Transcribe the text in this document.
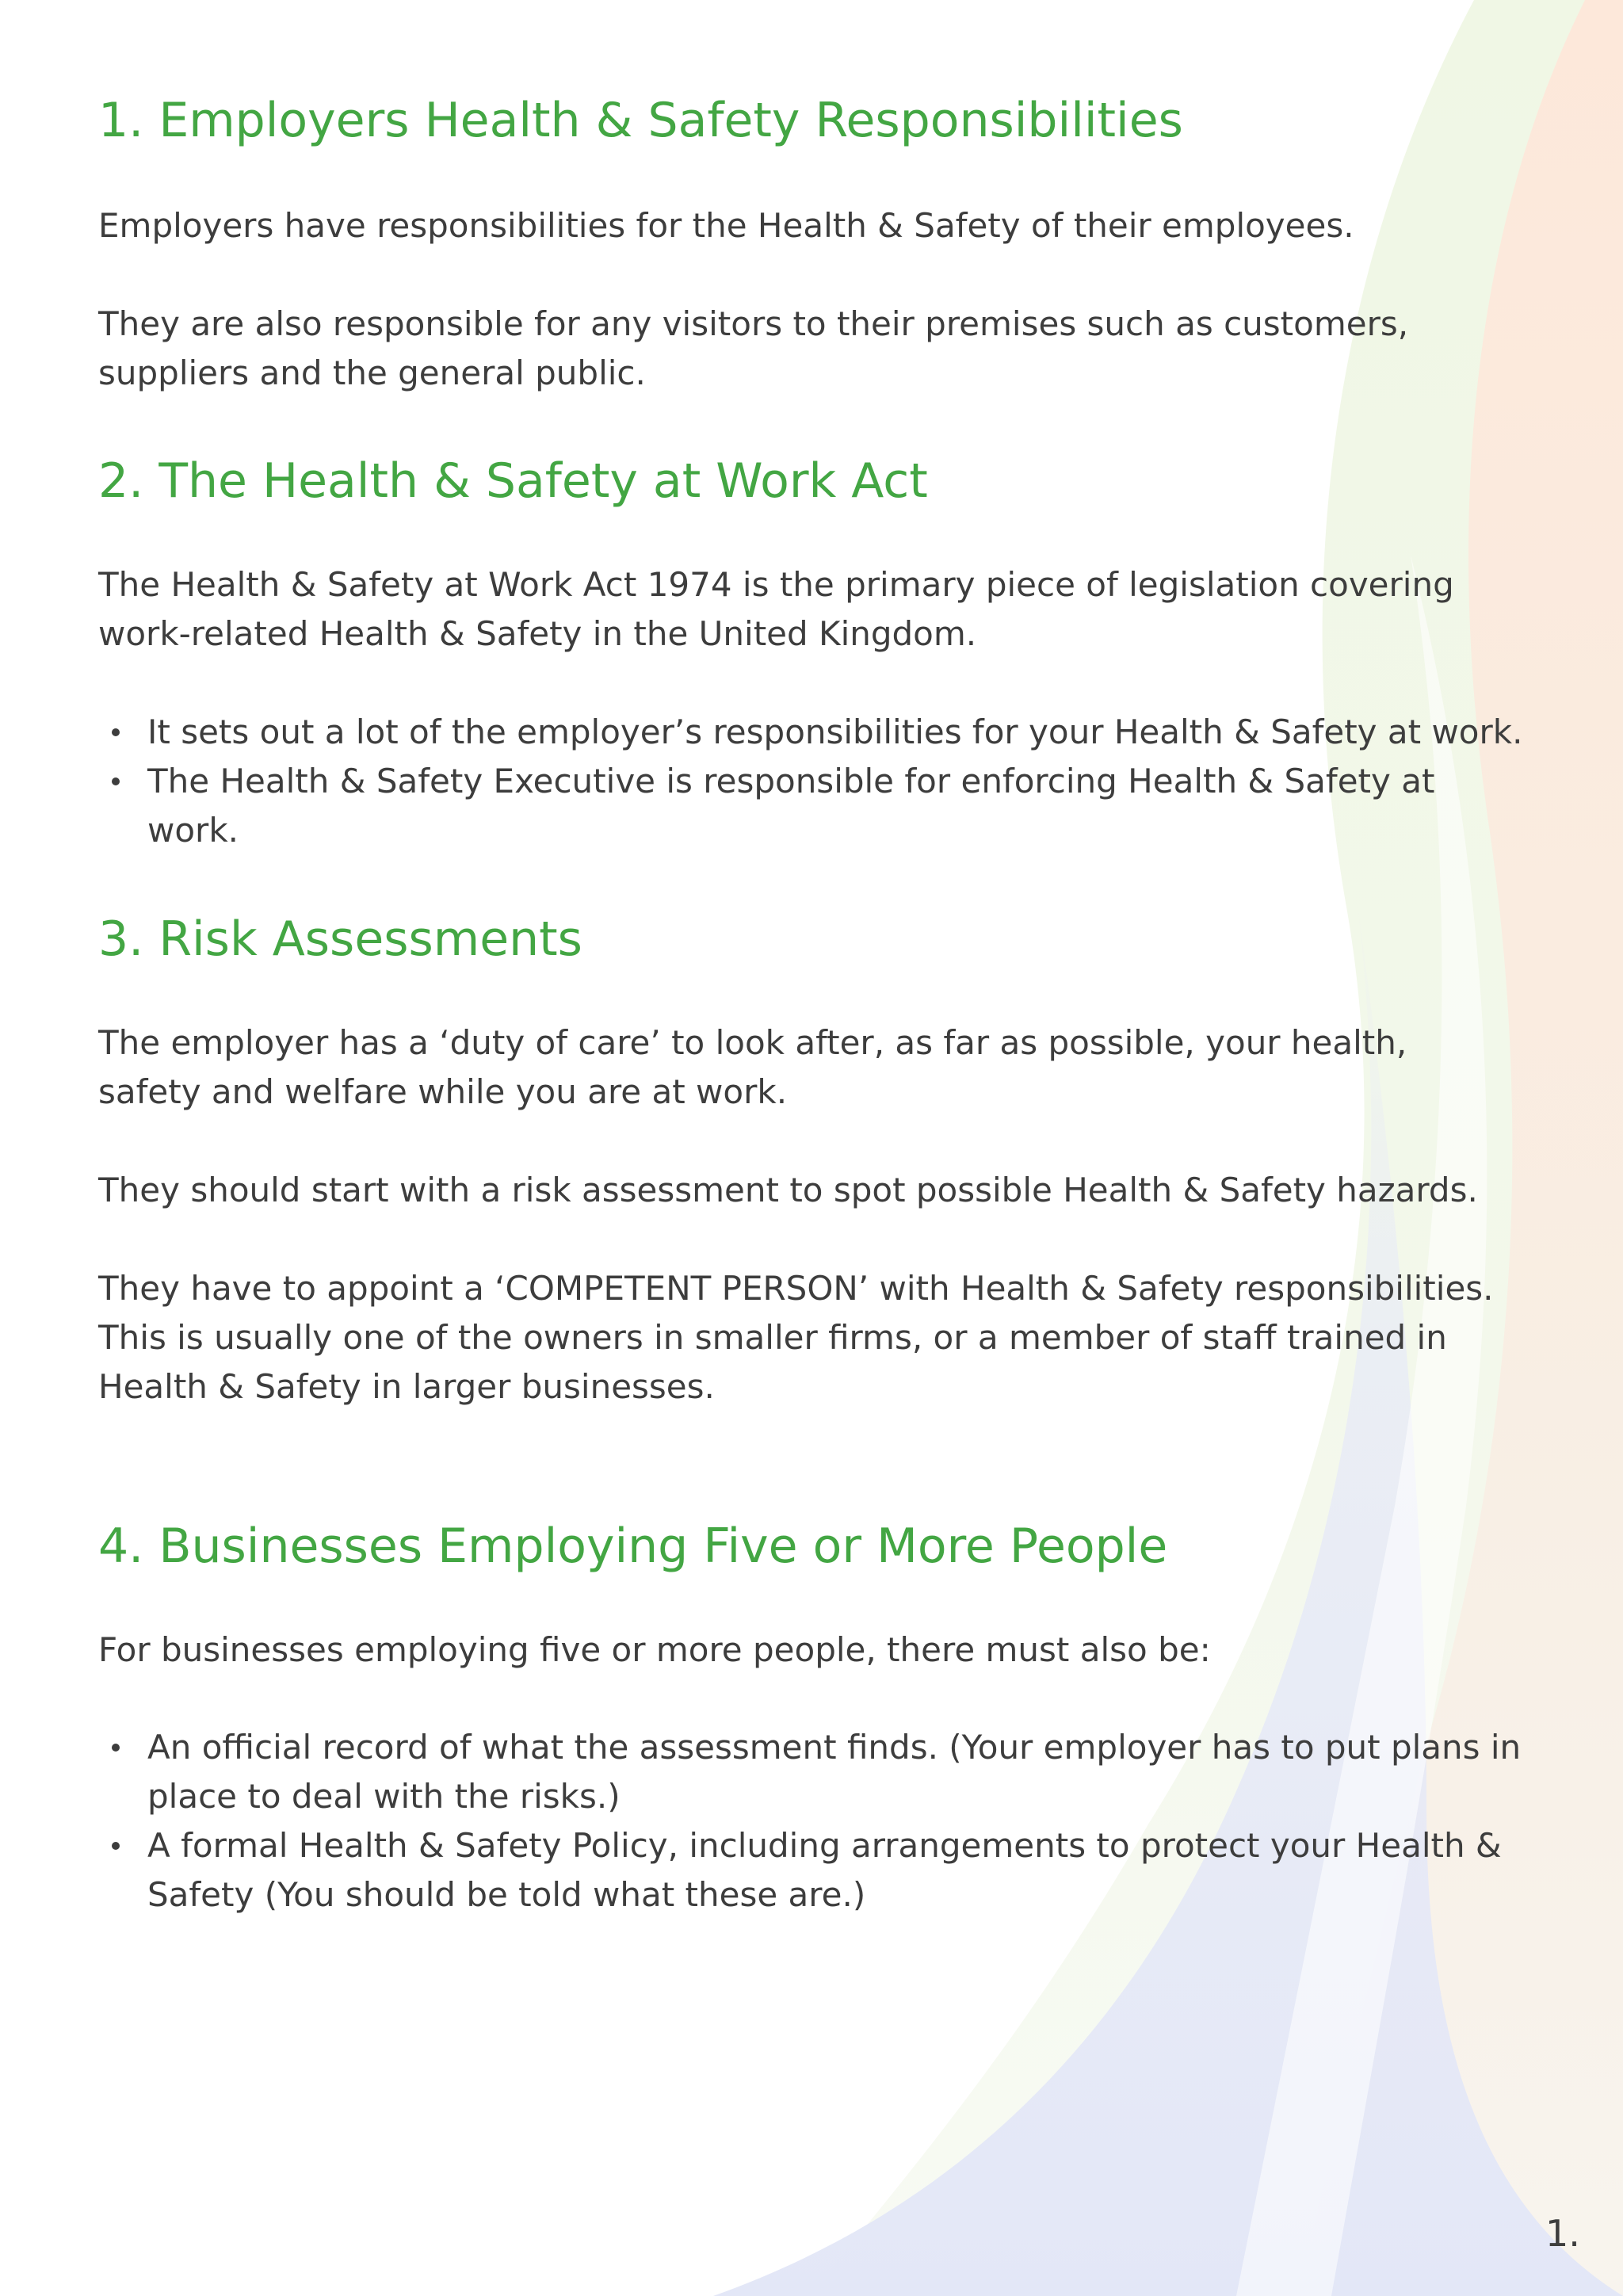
1. Employers Health & Safety Responsibilities

Employers have responsibilities for the Health & Safety of their employees.

They are also responsible for any visitors to their premises such as customers, suppliers and the general public.

2. The Health & Safety at Work Act

The Health & Safety at Work Act 1974 is the primary piece of legislation covering work-related Health & Safety in the United Kingdom.

It sets out a lot of the employer’s responsibilities for your Health & Safety at work.
The Health & Safety Executive is responsible for enforcing Health & Safety at work.
3. Risk Assessments

The employer has a ‘duty of care’ to look after, as far as possible, your health, safety and welfare while you are at work.

They should start with a risk assessment to spot possible Health & Safety hazards.

They have to appoint a ‘COMPETENT PERSON’ with Health & Safety responsibilities. This is usually one of the owners in smaller firms, or a member of staff trained in Health & Safety in larger businesses.

4. Businesses Employing Five or More People

For businesses employing five or more people, there must also be:

An official record of what the assessment finds. (Your employer has to put plans in place to deal with the risks.)
A formal Health & Safety Policy, including arrangements to protect your Health & Safety (You should be told what these are.)
1.
